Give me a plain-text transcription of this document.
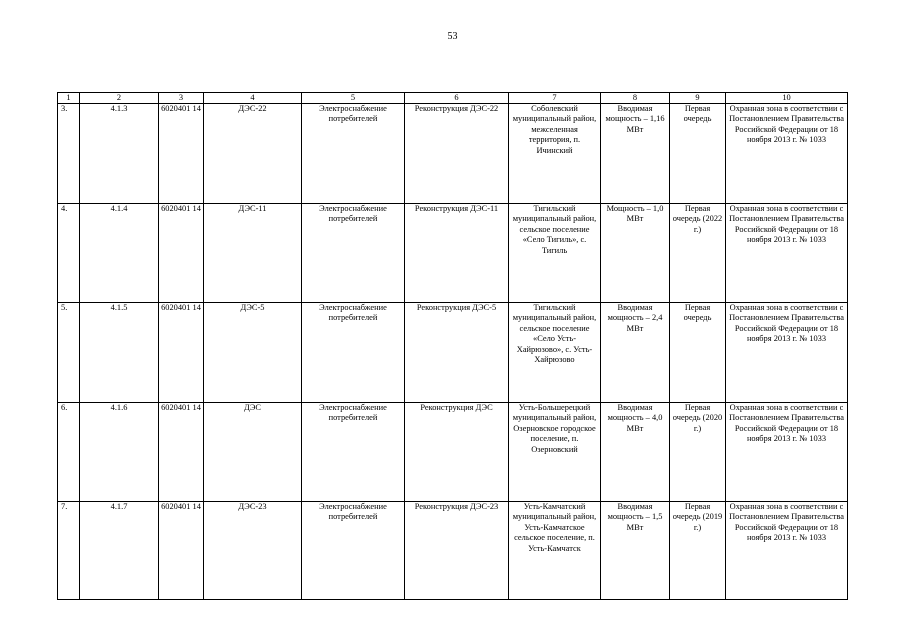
53
1	2	3	4	5	6	7	8	9	10
3.	4.1.3	6020401 14	ДЭС-22	Электроснабжение потребителей	Реконструкция ДЭС-22	Соболевский муниципальный район, межселенная территория, п. Ичинский	Вводимая мощность – 1,16 МВт	Первая очередь	Охранная зона в соответствии с Постановлением Правительства Российской Федерации от 18 ноября 2013 г. № 1033
4.	4.1.4	6020401 14	ДЭС-11	Электроснабжение потребителей	Реконструкция ДЭС-11	Тигильский муниципальный район, сельское поселение «Село Тигиль», с. Тигиль	Мощность – 1,0 МВт	Первая очередь (2022 г.)	Охранная зона в соответствии с Постановлением Правительства Российской Федерации от 18 ноября 2013 г. № 1033
5.	4.1.5	6020401 14	ДЭС-5	Электроснабжение потребителей	Реконструкция ДЭС-5	Тигильский муниципальный район, сельское поселение «Село Усть-Хайрюзово», с. Усть-Хайрюзово	Вводимая мощность – 2,4 МВт	Первая очередь	Охранная зона в соответствии с Постановлением Правительства Российской Федерации от 18 ноября 2013 г. № 1033
6.	4.1.6	6020401 14	ДЭС	Электроснабжение потребителей	Реконструкция ДЭС	Усть-Большерецкий муниципальный район, Озерновское городское поселение, п. Озерновский	Вводимая мощность – 4,0 МВт	Первая очередь (2020 г.)	Охранная зона в соответствии с Постановлением Правительства Российской Федерации от 18 ноября 2013 г. № 1033
7.	4.1.7	6020401 14	ДЭС-23	Электроснабжение потребителей	Реконструкция ДЭС-23	Усть-Камчатский муниципальный район, Усть-Камчатское сельское поселение, п. Усть-Камчатск	Вводимая мощность – 1,5 МВт	Первая очередь (2019 г.)	Охранная зона в соответствии с Постановлением Правительства Российской Федерации от 18 ноября 2013 г. № 1033
